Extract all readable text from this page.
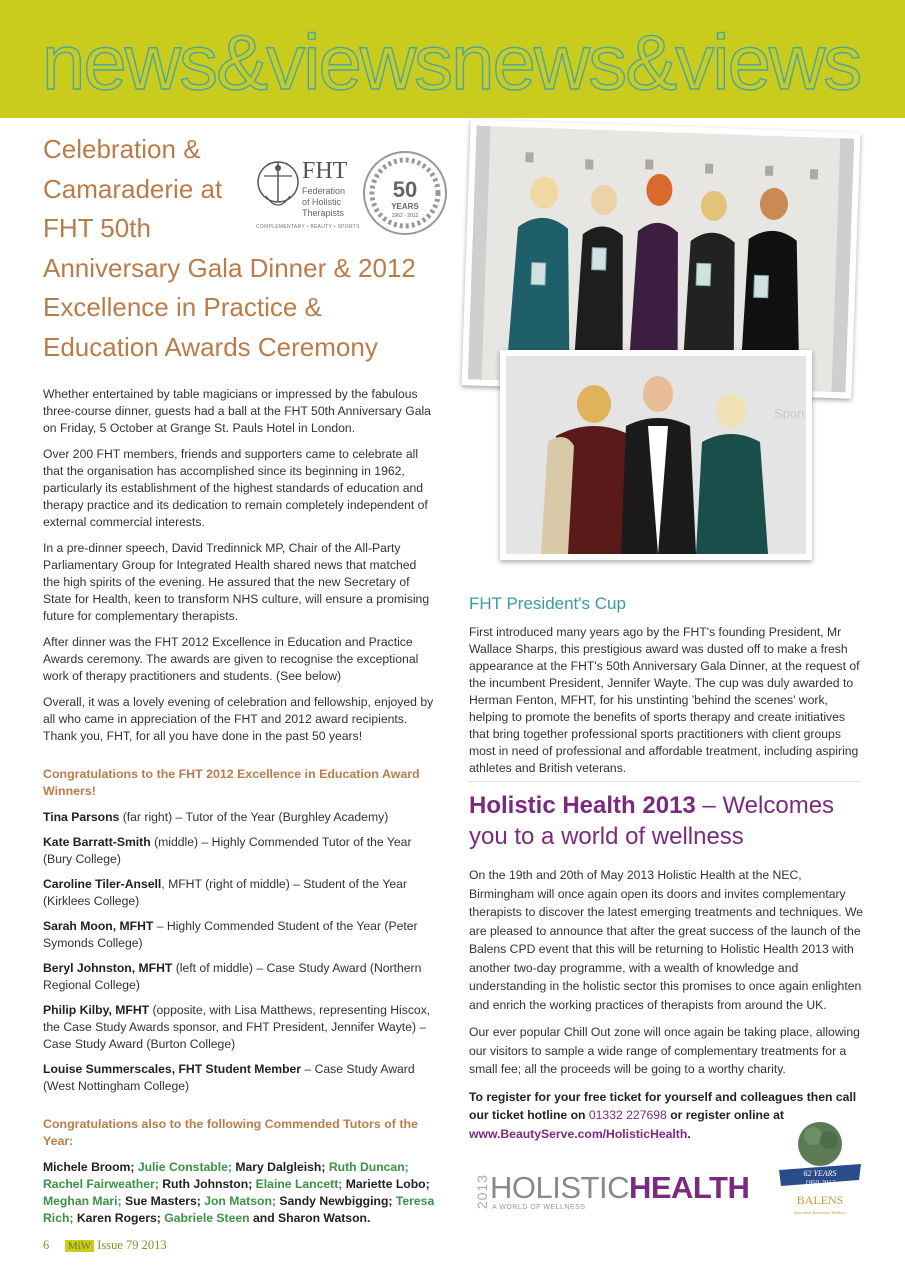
news&viewsnews&views
Celebration &
Camaraderie at
FHT 50th
Anniversary Gala Dinner & 2012
Excellence in Practice &
Education Awards Ceremony
FHT
Federation
of Holistic
Therapists
COMPLEMENTARY • BEAUTY • SPORTS
50
YEARS
1962 - 2012

Whether entertained by table magicians or impressed by the fabulous three-course dinner, guests had a ball at the FHT 50th Anniversary Gala on Friday, 5 October at Grange St. Pauls Hotel in London.

Over 200 FHT members, friends and supporters came to celebrate all that the organisation has accomplished since its beginning in 1962, particularly its establishment of the highest standards of education and therapy practice and its dedication to remain completely independent of external commercial interests.

In a pre-dinner speech, David Tredinnick MP, Chair of the All-Party Parliamentary Group for Integrated Health shared news that matched the high spirits of the evening. He assured that the new Secretary of State for Health, keen to transform NHS culture, will ensure a promising future for complementary therapists.

After dinner was the FHT 2012 Excellence in Education and Practice Awards ceremony. The awards are given to recognise the exceptional work of therapy practitioners and students. (See below)

Overall, it was a lovely evening of celebration and fellowship, enjoyed by all who came in appreciation of the FHT and 2012 award recipients. Thank you, FHT, for all you have done in the past 50 years!

Congratulations to the FHT 2012 Excellence in Education Award Winners!

Tina Parsons (far right) – Tutor of the Year (Burghley Academy)

Kate Barratt-Smith (middle) – Highly Commended Tutor of the Year (Bury College)

Caroline Tiler-Ansell, MFHT (right of middle) – Student of the Year (Kirklees College)

Sarah Moon, MFHT – Highly Commended Student of the Year (Peter Symonds College)

Beryl Johnston, MFHT (left of middle) – Case Study Award (Northern Regional College)

Philip Kilby, MFHT (opposite, with Lisa Matthews, representing Hiscox, the Case Study Awards sponsor, and FHT President, Jennifer Wayte) – Case Study Award (Burton College)

Louise Summerscales, FHT Student Member – Case Study Award (West Nottingham College)

Congratulations also to the following Commended Tutors of the Year:

Michele Broom; Julie Constable; Mary Dalgleish; Ruth Duncan; Rachel Fairweather; Ruth Johnston; Elaine Lancett; Mariette Lobo; Meghan Mari; Sue Masters; Jon Matson; Sandy Newbigging; Teresa Rich; Karen Rogers; Gabriele Steen and Sharon Watson.

Spon
FHT President's Cup
First introduced many years ago by the FHT's founding President, Mr Wallace Sharps, this prestigious award was dusted off to make a fresh appearance at the FHT's 50th Anniversary Gala Dinner, at the request of the incumbent President, Jennifer Wayte. The cup was duly awarded to Herman Fenton, MFHT, for his unstinting 'behind the scenes' work, helping to promote the benefits of sports therapy and create initiatives that bring together professional sports practitioners with client groups most in need of professional and affordable treatment, including aspiring athletes and British veterans.
Holistic Health 2013 – Welcomes you to a world of wellness

On the 19th and 20th of May 2013 Holistic Health at the NEC, Birmingham will once again open its doors and invites complementary therapists to discover the latest emerging treatments and techniques. We are pleased to announce that after the great success of the launch of the Balens CPD event that this will be returning to Holistic Health 2013 with another two-day programme, with a wealth of knowledge and understanding in the holistic sector this promises to once again enlighten and enrich the working practices of therapists from around the UK.

Our ever popular Chill Out zone will once again be taking place, allowing our visitors to sample a wide range of complementary treatments for a small fee; all the proceeds will be going to a worthy charity.

To register for your free ticket for yourself and colleagues then call our ticket hotline on 01332 227698 or register online at www.BeautyServe.com/HolisticHealth.

2013 HOLISTICHEALTH
A WORLD OF WELLNESS
62 YEARS
1950-2012
BALENS
Specialist Insurance Brokers
6 MiW Issue 79 2013
